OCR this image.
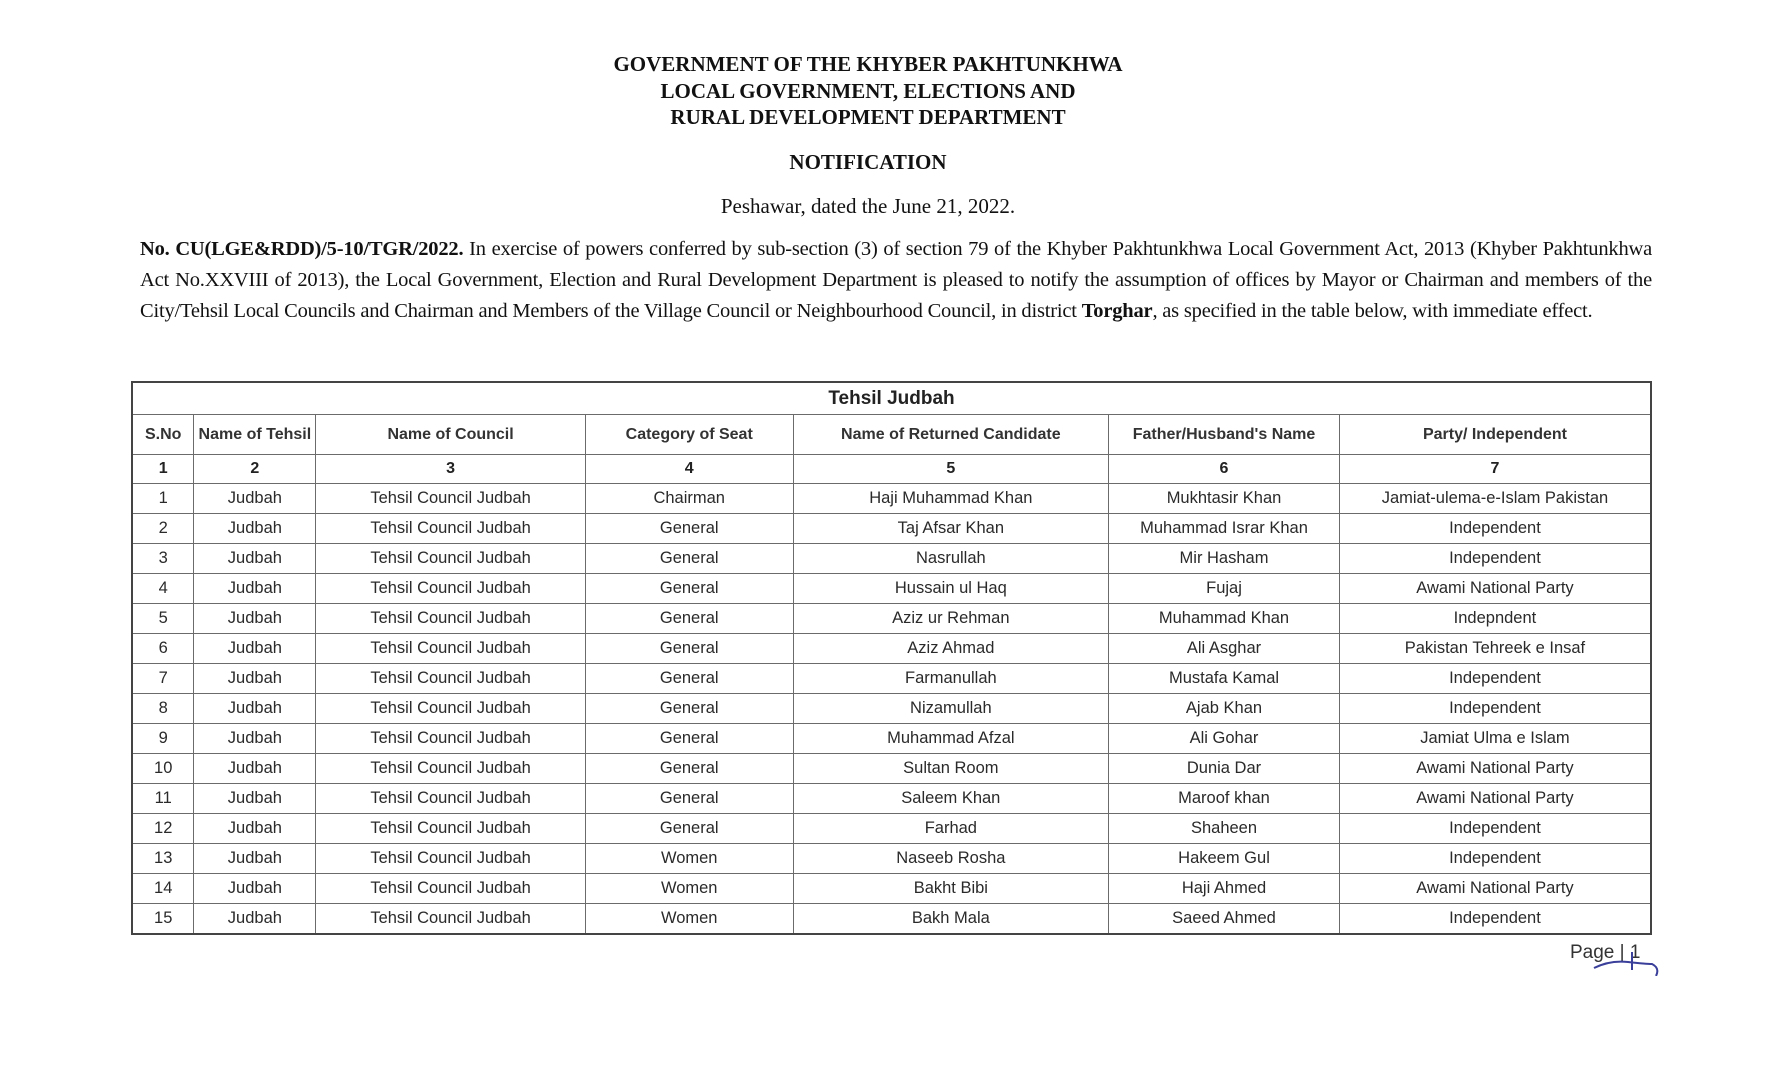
GOVERNMENT OF THE KHYBER PAKHTUNKHWA
LOCAL GOVERNMENT, ELECTIONS AND
RURAL DEVELOPMENT DEPARTMENT
NOTIFICATION
Peshawar, dated the June 21, 2022.
No. CU(LGE&RDD)/5-10/TGR/2022. In exercise of powers conferred by sub-section (3) of section 79 of the Khyber Pakhtunkhwa Local Government Act, 2013 (Khyber Pakhtunkhwa Act No.XXVIII of 2013), the Local Government, Election and Rural Development Department is pleased to notify the assumption of offices by Mayor or Chairman and members of the City/Tehsil Local Councils and Chairman and Members of the Village Council or Neighbourhood Council, in district Torghar, as specified in the table below, with immediate effect.
Tehsil Judbah						
S.No	Name of Tehsil	Name of Council	Category of Seat	Name of Returned Candidate	Father/Husband's Name	Party/ Independent
1	2	3	4	5	6	7
1	Judbah	Tehsil Council Judbah	Chairman	Haji Muhammad Khan	Mukhtasir Khan	Jamiat-ulema-e-Islam Pakistan
2	Judbah	Tehsil Council Judbah	General	Taj Afsar Khan	Muhammad Israr Khan	Independent
3	Judbah	Tehsil Council Judbah	General	Nasrullah	Mir Hasham	Independent
4	Judbah	Tehsil Council Judbah	General	Hussain ul Haq	Fujaj	Awami National Party
5	Judbah	Tehsil Council Judbah	General	Aziz ur Rehman	Muhammad Khan	Indepndent
6	Judbah	Tehsil Council Judbah	General	Aziz Ahmad	Ali Asghar	Pakistan Tehreek e Insaf
7	Judbah	Tehsil Council Judbah	General	Farmanullah	Mustafa Kamal	Independent
8	Judbah	Tehsil Council Judbah	General	Nizamullah	Ajab Khan	Independent
9	Judbah	Tehsil Council Judbah	General	Muhammad Afzal	Ali Gohar	Jamiat Ulma e Islam
10	Judbah	Tehsil Council Judbah	General	Sultan Room	Dunia Dar	Awami National Party
11	Judbah	Tehsil Council Judbah	General	Saleem Khan	Maroof khan	Awami National Party
12	Judbah	Tehsil Council Judbah	General	Farhad	Shaheen	Independent
13	Judbah	Tehsil Council Judbah	Women	Naseeb Rosha	Hakeem Gul	Independent
14	Judbah	Tehsil Council Judbah	Women	Bakht Bibi	Haji Ahmed	Awami National Party
15	Judbah	Tehsil Council Judbah	Women	Bakh Mala	Saeed Ahmed	Independent
Page | 1
